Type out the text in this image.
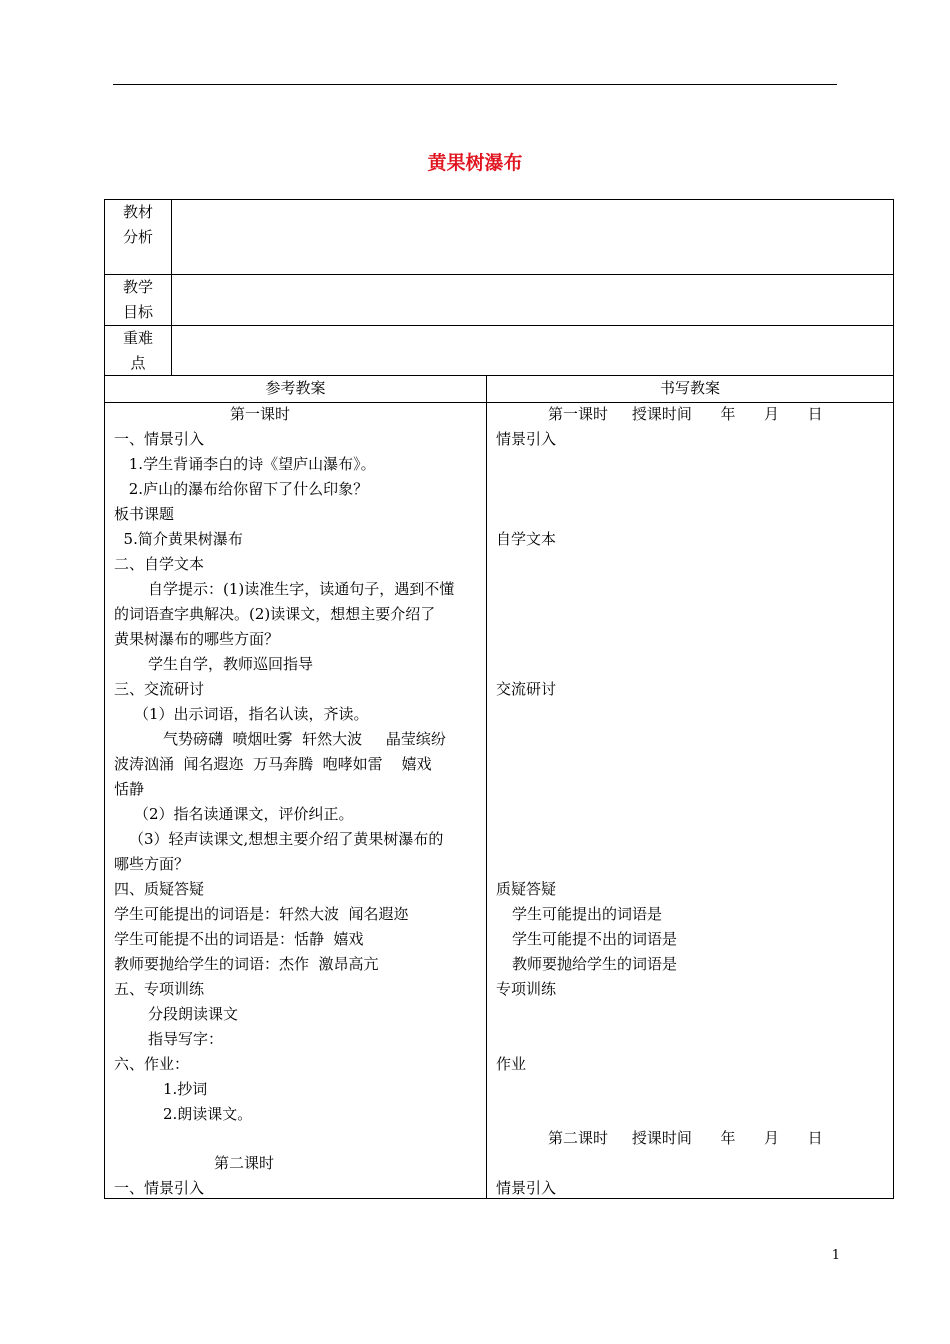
黄果树瀑布
教材
分析
教学
目标
重难
点
参考教案	书写教案
第一课时
一、情景引入
1.学生背诵李白的诗《望庐山瀑布》。
2.庐山的瀑布给你留下了什么印象？
板书课题
5.简介黄果树瀑布
二、自学文本
自学提示：(1)读准生字，读通句子，遇到不懂
的词语查字典解决。(2)读课文，想想主要介绍了
黄果树瀑布的哪些方面？
学生自学，教师巡回指导
三、交流研讨
（1）出示词语，指名认读，齐读。
气势磅礴  喷烟吐雾  轩然大波     晶莹缤纷
波涛汹涌  闻名遐迩  万马奔腾  咆哮如雷    嬉戏
恬静
（2）指名读通课文，评价纠正。
（3）轻声读课文,想想主要介绍了黄果树瀑布的
哪些方面？
四、质疑答疑
学生可能提出的词语是：轩然大波  闻名遐迩
学生可能提不出的词语是：恬静  嬉戏
教师要抛给学生的词语：杰作  激昂高亢
五、专项训练
分段朗读课文
指导写字：
六、作业：
1.抄词
2.朗读课文。
第二课时
一、情景引入
第一课时     授课时间      年      月      日
情景引入
自学文本
交流研讨
质疑答疑
学生可能提出的词语是
学生可能提不出的词语是
教师要抛给学生的词语是
专项训练
作业
第二课时     授课时间      年      月      日
情景引入
1
